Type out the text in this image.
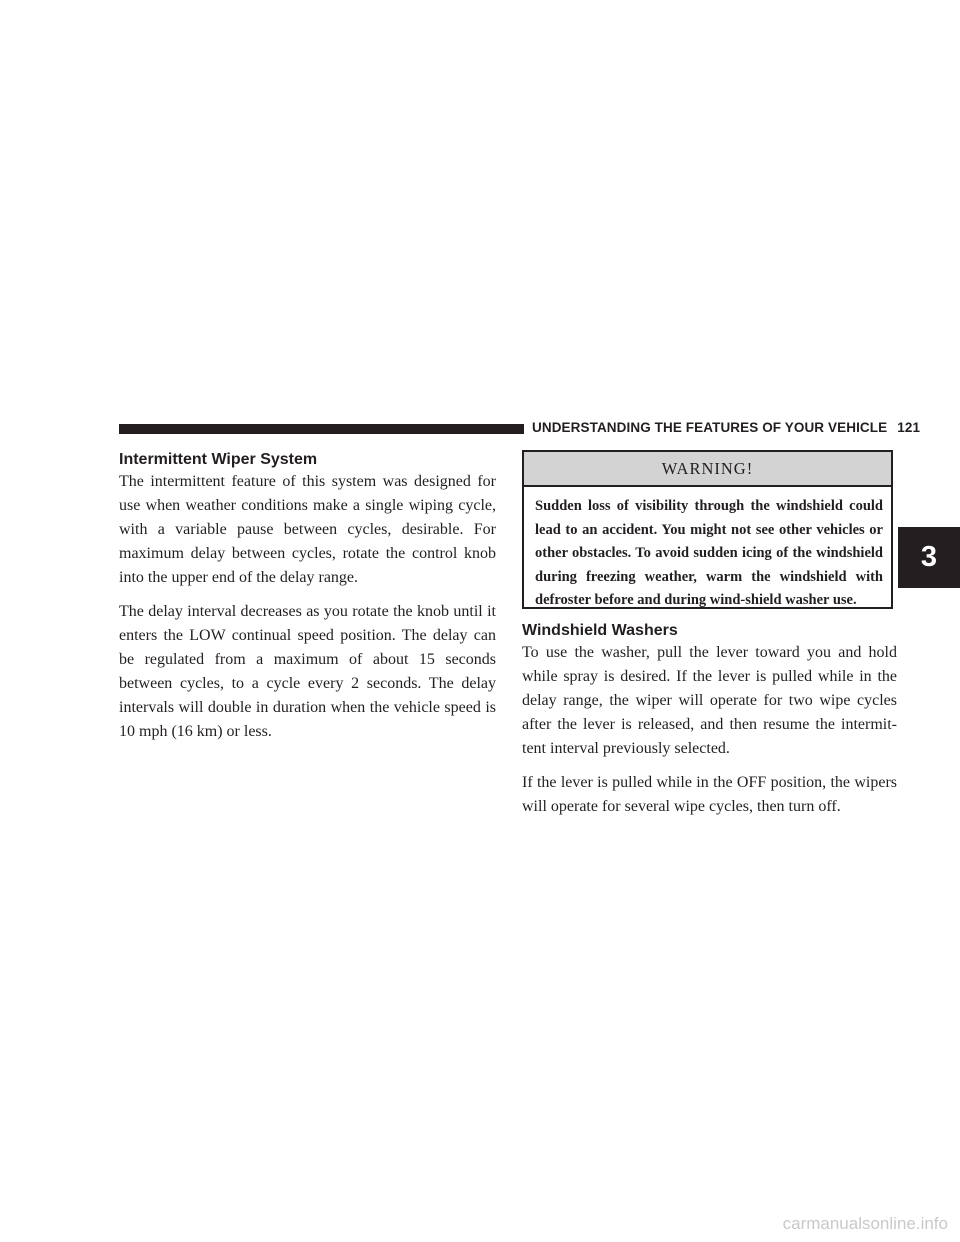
UNDERSTANDING THE FEATURES OF YOUR VEHICLE 121
Intermittent Wiper System

The intermittent feature of this system was designed for use when weather conditions make a single wiping cycle, with a variable pause between cycles, desirable. For maximum delay between cycles, rotate the control knob into the upper end of the delay range.

The delay interval decreases as you rotate the knob until it enters the LOW continual speed position. The delay can be regulated from a maximum of about 15 seconds between cycles, to a cycle every 2 seconds. The delay intervals will double in duration when the vehicle speed is 10 mph (16 km) or less.

WARNING!
Sudden loss of visibility through the windshield could lead to an accident. You might not see other vehicles or other obstacles. To avoid sudden icing of the windshield during freezing weather, warm the windshield with defroster before and during wind-shield washer use.
Windshield Washers

To use the washer, pull the lever toward you and hold while spray is desired. If the lever is pulled while in the delay range, the wiper will operate for two wipe cycles after the lever is released, and then resume the intermit-tent interval previously selected.

If the lever is pulled while in the OFF position, the wipers will operate for several wipe cycles, then turn off.

3
carmanualsonline.info
